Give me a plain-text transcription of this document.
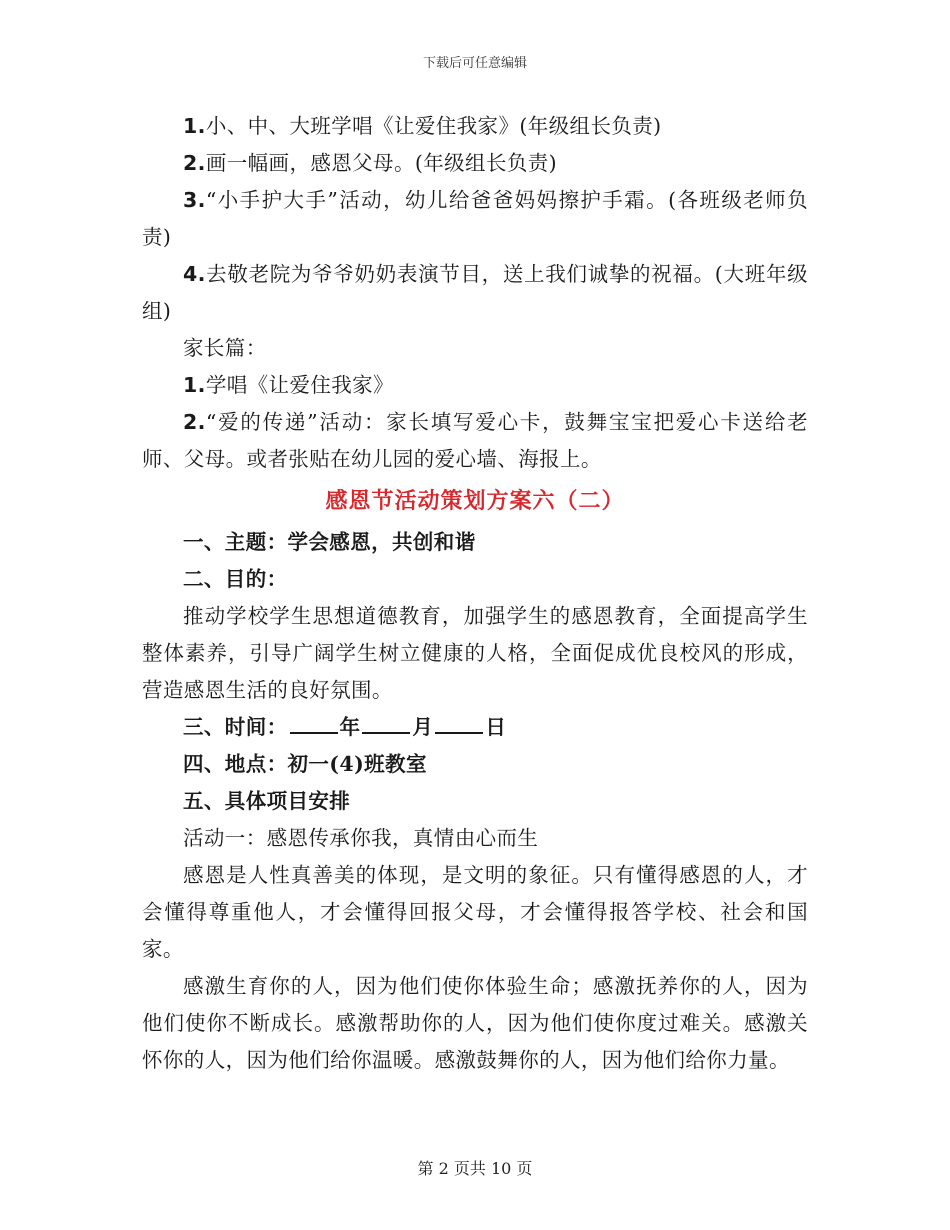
下载后可任意编辑

1.小、中、大班学唱《让爱住我家》(年级组长负责)

2.画一幅画，感恩父母。(年级组长负责)

3.“小手护大手”活动，幼儿给爸爸妈妈擦护手霜。(各班级老师负责)

4.去敬老院为爷爷奶奶表演节目，送上我们诚挚的祝福。(大班年级组)

家长篇：

1.学唱《让爱住我家》

2.“爱的传递”活动：家长填写爱心卡，鼓舞宝宝把爱心卡送给老师、父母。或者张贴在幼儿园的爱心墙、海报上。

感恩节活动策划方案六（二）

一、主题：学会感恩，共创和谐

二、目的：

推动学校学生思想道德教育，加强学生的感恩教育，全面提高学生整体素养，引导广阔学生树立健康的人格，全面促成优良校风的形成，营造感恩生活的良好氛围。

三、时间：	年	月	日

四、地点：初一(4)班教室

五、具体项目安排

活动一：感恩传承你我，真情由心而生

感恩是人性真善美的体现，是文明的象征。只有懂得感恩的人，才会懂得尊重他人，才会懂得回报父母，才会懂得报答学校、社会和国家。

感激生育你的人，因为他们使你体验生命；感激抚养你的人，因为他们使你不断成长。感激帮助你的人，因为他们使你度过难关。感激关怀你的人，因为他们给你温暖。感激鼓舞你的人，因为他们给你力量。

第 2 页共 10 页
